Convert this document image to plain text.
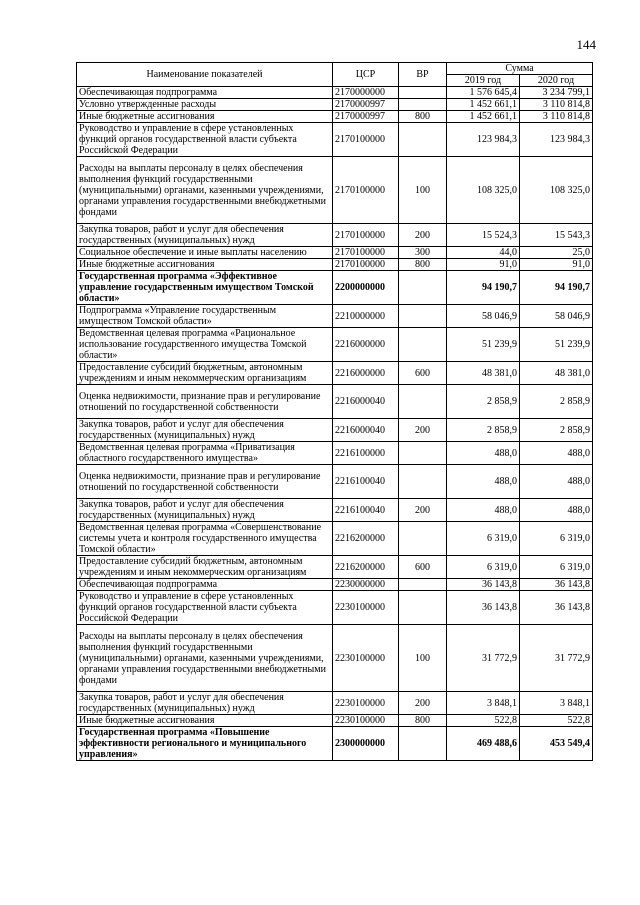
144
Наименование показателей	ЦСР	ВР	Сумма	
			2019 год	2020 год
Обеспечивающая подпрограмма	2170000000		1 576 645,4	3 234 799,1
Условно утвержденные расходы	2170000997		1 452 661,1	3 110 814,8
Иные бюджетные ассигнования	2170000997	800	1 452 661,1	3 110 814,8
Руководство и управление в сфере установленных функций органов государственной власти субъекта Российской Федерации	2170100000		123 984,3	123 984,3
Расходы на выплаты персоналу в целях обеспечения выполнения функций государственными (муниципальными) органами, казенными учреждениями, органами управления государственными внебюджетными фондами	2170100000	100	108 325,0	108 325,0
Закупка товаров, работ и услуг для обеспечения государственных (муниципальных) нужд	2170100000	200	15 524,3	15 543,3
Социальное обеспечение и иные выплаты населению	2170100000	300	44,0	25,0
Иные бюджетные ассигнования	2170100000	800	91,0	91,0
Государственная программа «Эффективное управление государственным имуществом Томской области»	2200000000		94 190,7	94 190,7
Подпрограмма «Управление государственным имуществом Томской области»	2210000000		58 046,9	58 046,9
Ведомственная целевая программа «Рациональное использование государственного имущества Томской области»	2216000000		51 239,9	51 239,9
Предоставление субсидий бюджетным, автономным учреждениям и иным некоммерческим организациям	2216000000	600	48 381,0	48 381,0
Оценка недвижимости, признание прав и регулирование отношений по государственной собственности	2216000040		2 858,9	2 858,9
Закупка товаров, работ и услуг для обеспечения государственных (муниципальных) нужд	2216000040	200	2 858,9	2 858,9
Ведомственная целевая программа «Приватизация областного государственного имущества»	2216100000		488,0	488,0
Оценка недвижимости, признание прав и регулирование отношений по государственной собственности	2216100040		488,0	488,0
Закупка товаров, работ и услуг для обеспечения государственных (муниципальных) нужд	2216100040	200	488,0	488,0
Ведомственная целевая программа «Совершенствование системы учета и контроля государственного имущества Томской области»	2216200000		6 319,0	6 319,0
Предоставление субсидий бюджетным, автономным учреждениям и иным некоммерческим организациям	2216200000	600	6 319,0	6 319,0
Обеспечивающая подпрограмма	2230000000		36 143,8	36 143,8
Руководство и управление в сфере установленных функций органов государственной власти субъекта Российской Федерации	2230100000		36 143,8	36 143,8
Расходы на выплаты персоналу в целях обеспечения выполнения функций государственными (муниципальными) органами, казенными учреждениями, органами управления государственными внебюджетными фондами	2230100000	100	31 772,9	31 772,9
Закупка товаров, работ и услуг для обеспечения государственных (муниципальных) нужд	2230100000	200	3 848,1	3 848,1
Иные бюджетные ассигнования	2230100000	800	522,8	522,8
Государственная программа «Повышение эффективности регионального и муниципального управления»	2300000000		469 488,6	453 549,4
